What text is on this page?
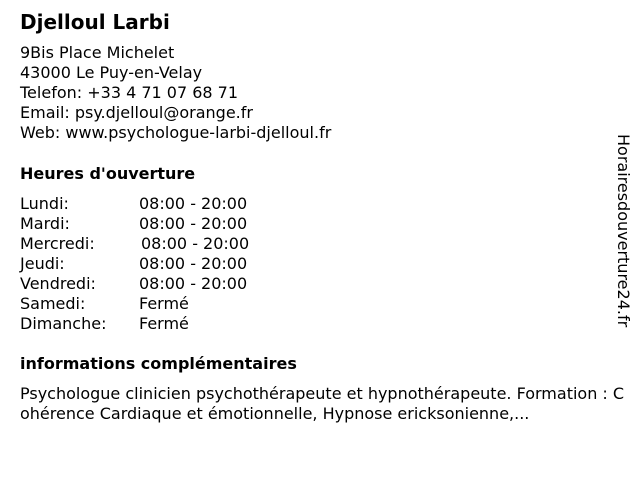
Djelloul Larbi
9Bis Place Michelet
43000 Le Puy-en-Velay
Telefon: +33 4 71 07 68 71
Email: psy.djelloul@orange.fr
Web: www.psychologue-larbi-djelloul.fr
Heures d'ouverture
Lundi:	08:00 - 20:00
Mardi:	08:00 - 20:00
Mercredi:	08:00 - 20:00
Jeudi:	08:00 - 20:00
Vendredi:	08:00 - 20:00
Samedi:	Fermé
Dimanche: Fermé
informations complémentaires
Psychologue clinicien psychothérapeute et hypnothérapeute. Formation : Cohérence Cardiaque et émotionnelle, Hypnose ericksonienne,...
Horairesdouverture24.fr
